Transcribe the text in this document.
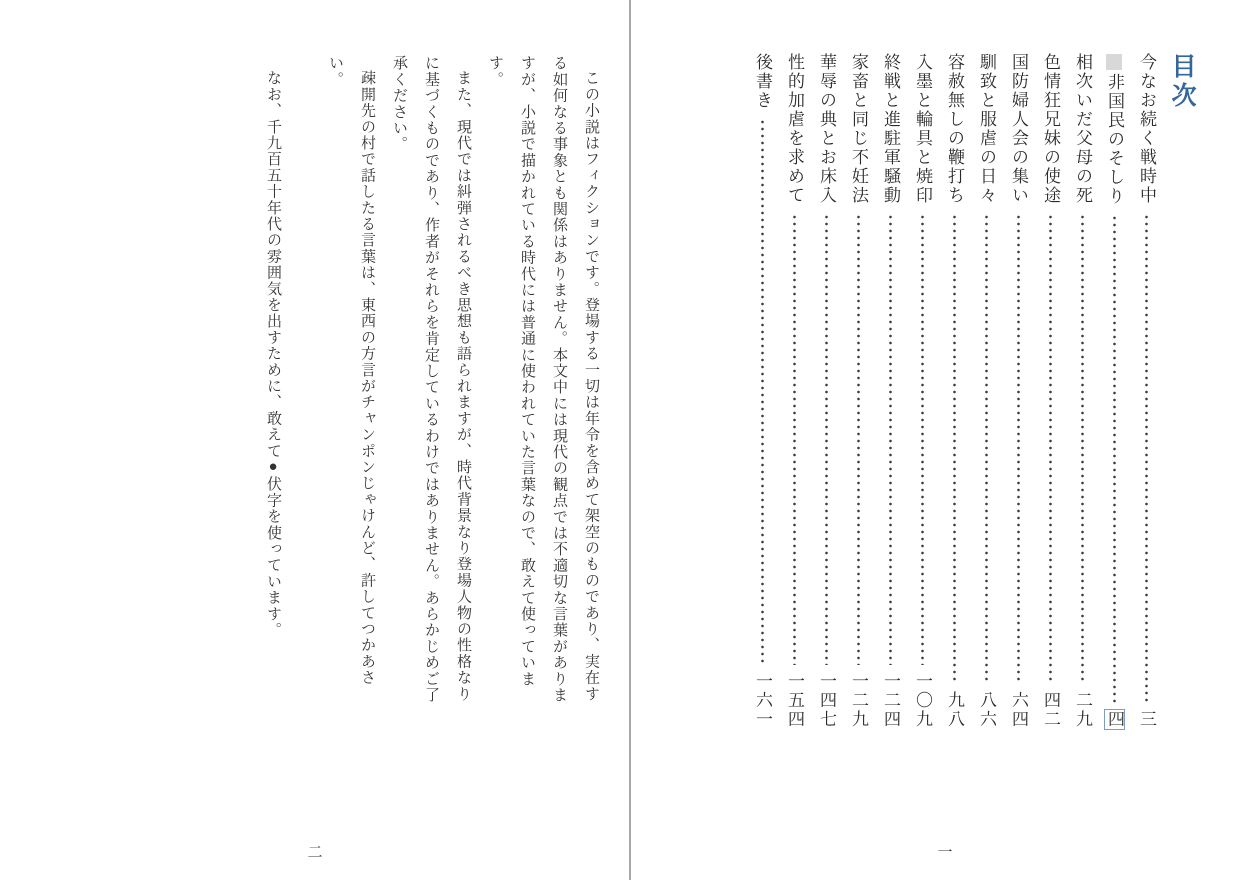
目次
今なお続く戦時中
三
非国民のそしり
四
相次いだ父母の死
二九
色情狂兄妹の使途
四二
国防婦人会の集い
六四
馴致と服虐の日々
八六
容赦無しの鞭打ち
九八
入墨と輪具と焼印
一〇九
終戦と進駐軍騒動
一二四
家畜と同じ不妊法
一二九
華辱の典とお床入
一四七
性的加虐を求めて
一五四
後書き
一六一

この小説はフィクションです。登場する一切は年令を含めて架空のものであり、実在する如何なる事象とも関係はありません。本文中には現代の観点では不適切な言葉がありますが、小説で描かれている時代には普通に使われていた言葉なので、敢えて使っています。

また、現代では糾弾されるべき思想も語られますが、時代背景なり登場人物の性格なりに基づくものであり、作者がそれらを肯定しているわけではありません。あらかじめご了承ください。

疎開先の村で話したる言葉は、東西の方言がチャンポンじゃけんど、許してつかあさい。

なお、千九百五十年代の雰囲気を出すために、敢えて●伏字を使っています。

一
二
